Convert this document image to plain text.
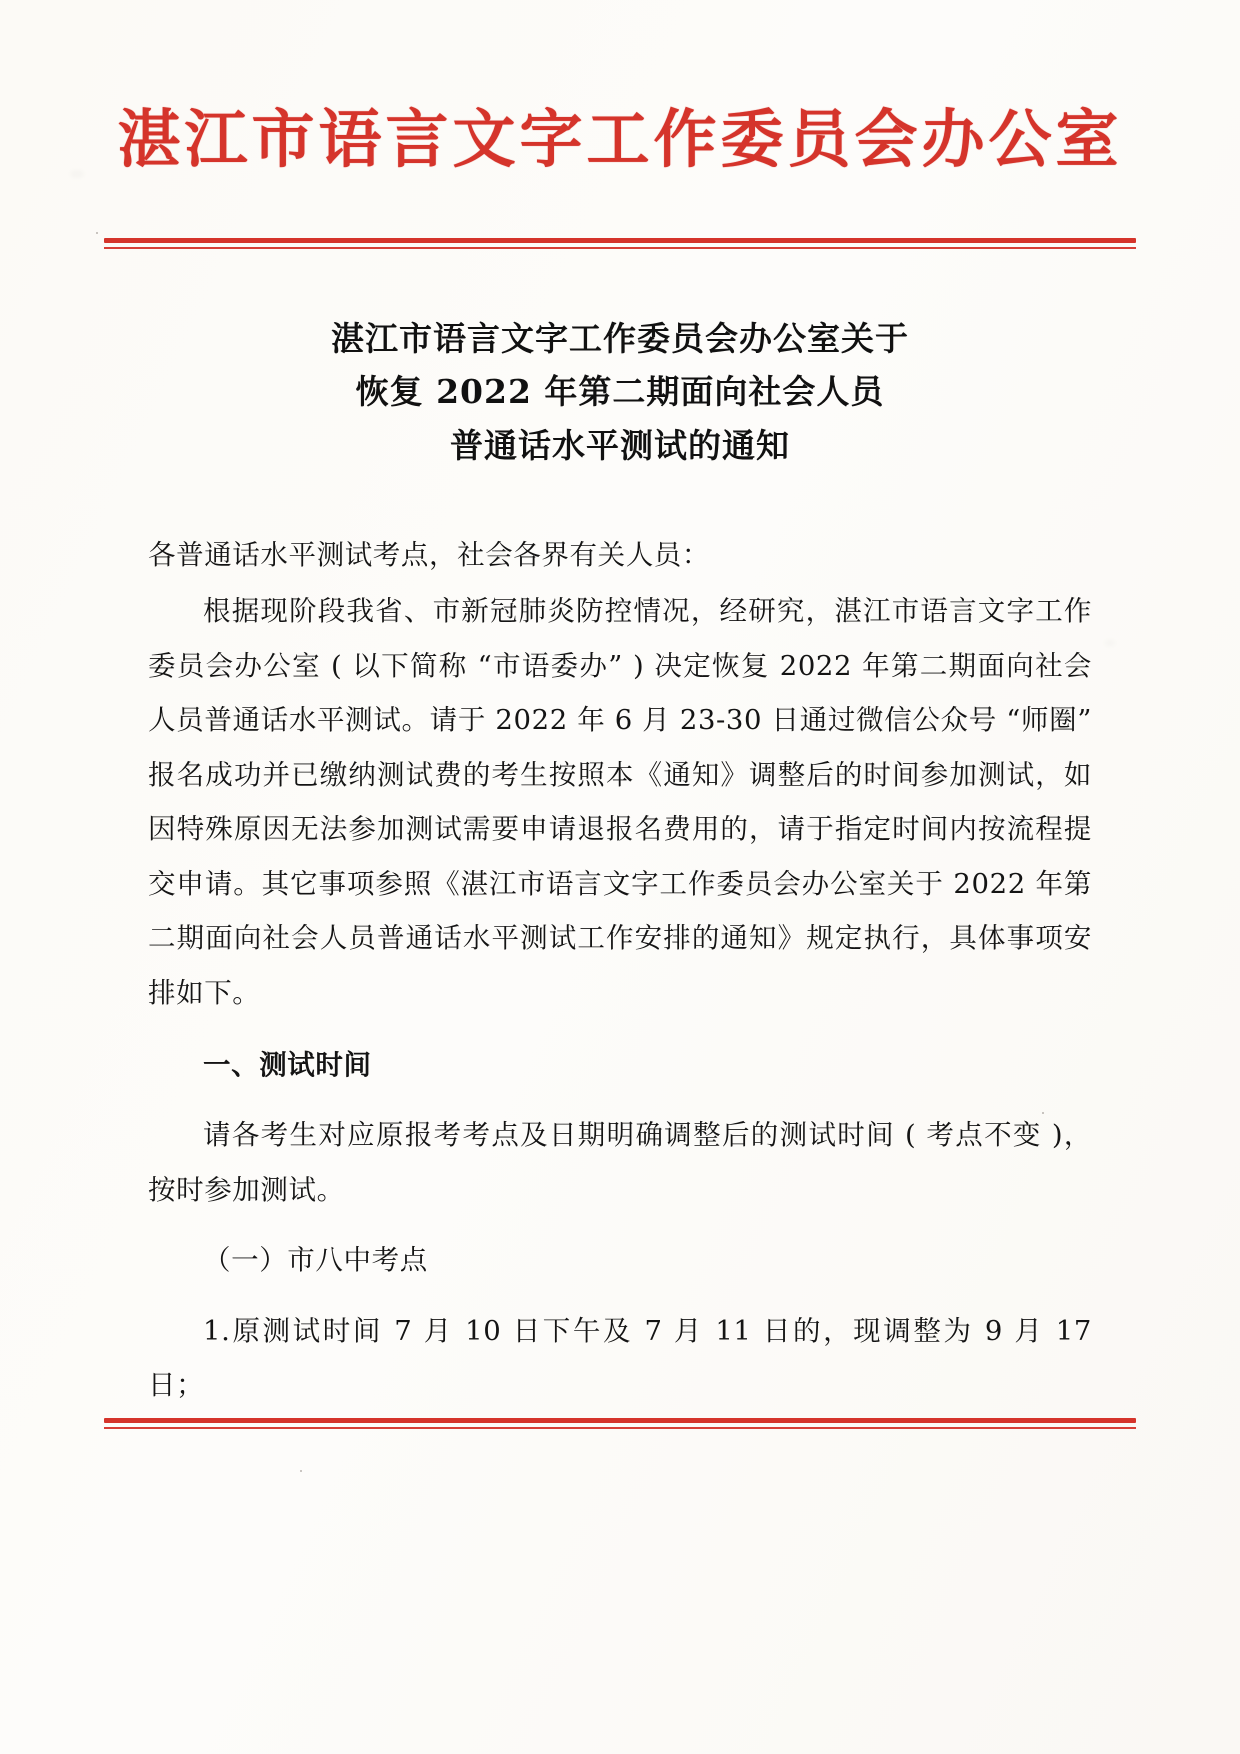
湛江市语言文字工作委员会办公室
湛江市语言文字工作委员会办公室关于
恢复 2022 年第二期面向社会人员
普通话水平测试的通知

各普通话水平测试考点，社会各界有关人员：

根据现阶段我省、市新冠肺炎防控情况，经研究，湛江市语言文字工作委员会办公室 ( 以下简称 “市语委办” ) 决定恢复 2022 年第二期面向社会人员普通话水平测试。请于 2022 年 6 月 23-30 日通过微信公众号 “师圈” 报名成功并已缴纳测试费的考生按照本《通知》调整后的时间参加测试，如因特殊原因无法参加测试需要申请退报名费用的，请于指定时间内按流程提交申请。其它事项参照《湛江市语言文字工作委员会办公室关于 2022 年第二期面向社会人员普通话水平测试工作安排的通知》规定执行，具体事项安排如下。

一、测试时间

请各考生对应原报考考点及日期明确调整后的测试时间 ( 考点不变 )，按时参加测试。

（一）市八中考点

1.原测试时间 7 月 10 日下午及 7 月 11 日的，现调整为 9 月 17 日；
